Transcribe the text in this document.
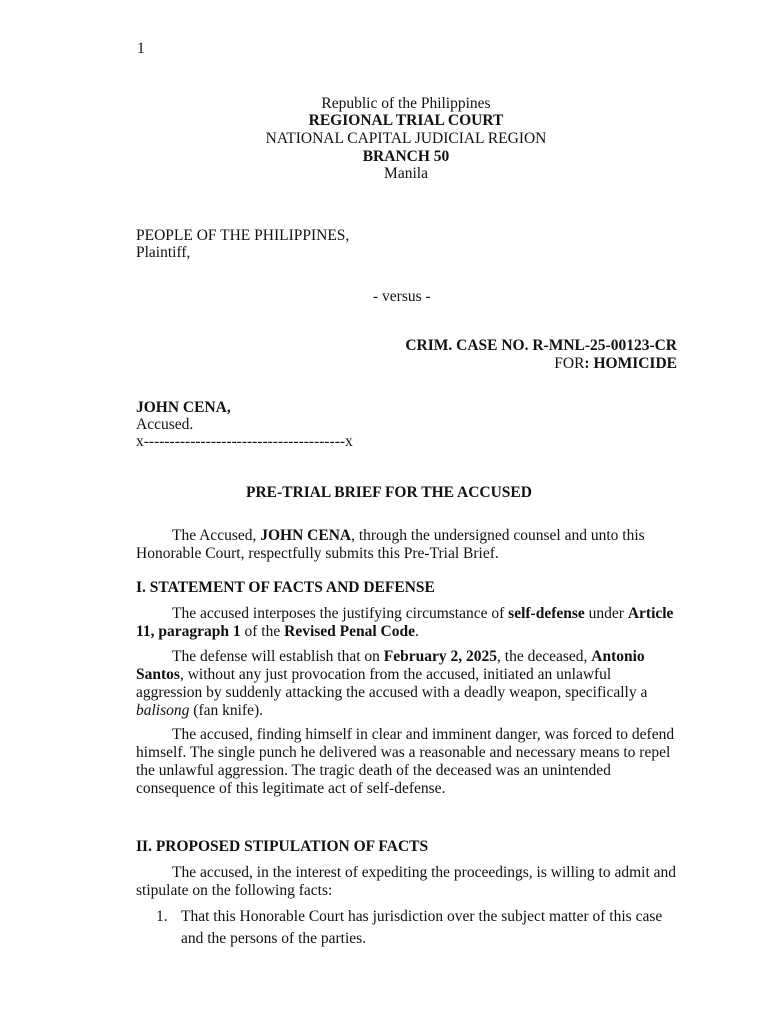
1
Republic of the Philippines
REGIONAL TRIAL COURT
NATIONAL CAPITAL JUDICIAL REGION
BRANCH 50
Manila
PEOPLE OF THE PHILIPPINES,
Plaintiff,
- versus -
CRIM. CASE NO. R-MNL-25-00123-CR
FOR: HOMICIDE
JOHN CENA,
Accused.
x---------------------------------------x
PRE-TRIAL BRIEF FOR THE ACCUSED
The Accused, JOHN CENA, through the undersigned counsel and unto this Honorable Court, respectfully submits this Pre-Trial Brief.
I. STATEMENT OF FACTS AND DEFENSE
The accused interposes the justifying circumstance of self-defense under Article 11, paragraph 1 of the Revised Penal Code.
The defense will establish that on February 2, 2025, the deceased, Antonio Santos, without any just provocation from the accused, initiated an unlawful aggression by suddenly attacking the accused with a deadly weapon, specifically a balisong (fan knife).
The accused, finding himself in clear and imminent danger, was forced to defend himself. The single punch he delivered was a reasonable and necessary means to repel the unlawful aggression. The tragic death of the deceased was an unintended consequence of this legitimate act of self-defense.
II. PROPOSED STIPULATION OF FACTS
The accused, in the interest of expediting the proceedings, is willing to admit and stipulate on the following facts:
1. That this Honorable Court has jurisdiction over the subject matter of this case and the persons of the parties.
